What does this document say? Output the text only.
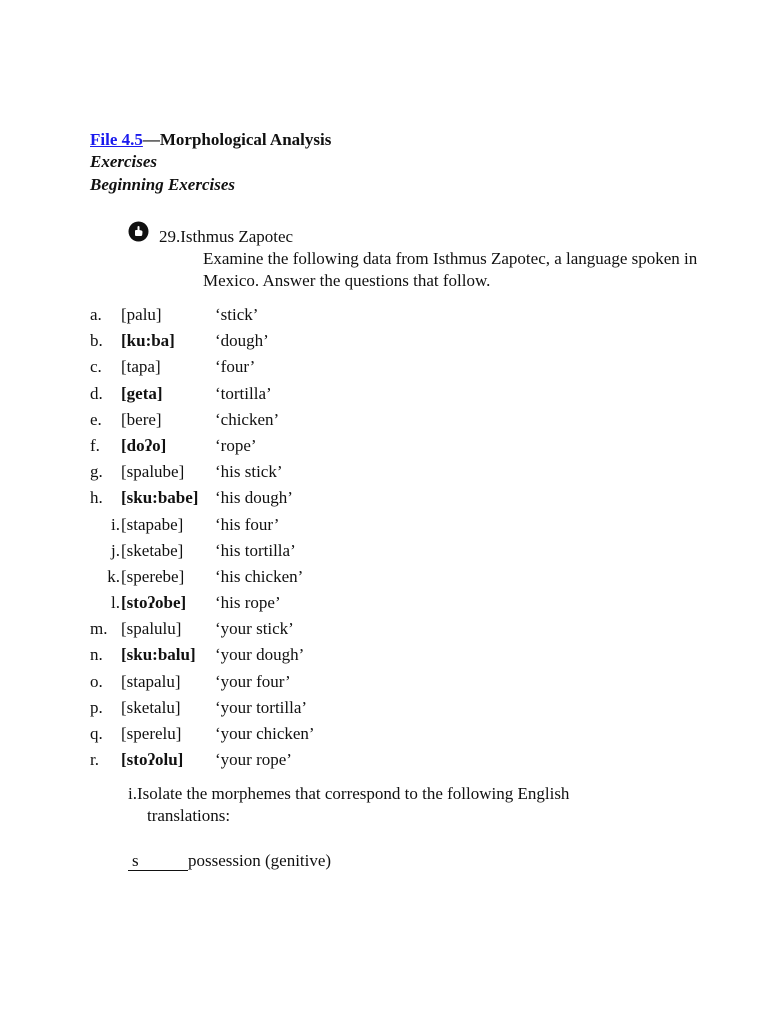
File 4.5—Morphological Analysis
Exercises
Beginning Exercises
29.Isthmus Zapotec
Examine the following data from Isthmus Zapotec, a language spoken in Mexico. Answer the questions that follow.
a.	[palu]	‘stick’
b.	[ku:ba] ‘dough’
c.	[tapa]	‘four’
d.	[geta]	‘tortilla’
e.	[bere]	‘chicken’
f.	[doʔo]	‘rope’
g.	[spalube] ‘his stick’
h.	[sku:babe] ‘his dough’
i. [stapabe] ‘his four’
j. [sketabe] ‘his tortilla’
k. [sperebe] ‘his chicken’
l. [stoʔobe] ‘his rope’
m. [spalulu] ‘your stick’
n.	[sku:balu] ‘your dough’
o.	[stapalu] ‘your four’
p.	[sketalu] ‘your tortilla’
q.	[sperelu] ‘your chicken’
r.	[stoʔolu] ‘your rope’
i.Isolate the morphemes that correspond to the following English
translations:
s	possession (genitive)
